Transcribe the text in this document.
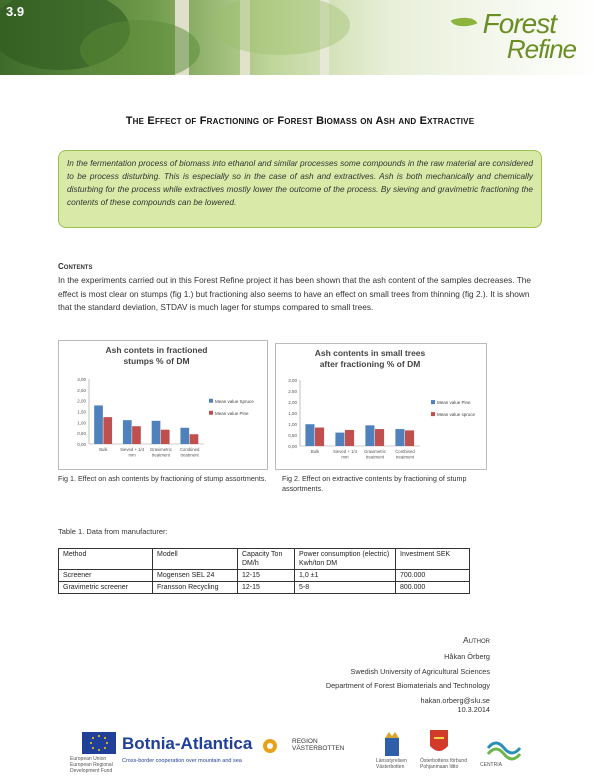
3.9	Forest
Refine
The Effect of Fractioning of Forest Biomass on Ash and Extractive
In the fermentation process of biomass into ethanol and similar processes some compounds in the raw material are considered to be process disturbing. This is especially so in the case of ash and extractives. Ash is both mechanically and chemically disturbing for the process while extractives mostly lower the outcome of the process. By sieving and gravimetric fractioning the contents of these compounds can be lowered.
Contents
In the experiments carried out in this Forest Refine project it has been shown that the ash content of the samples decreases. The effect is most clear on stumps (fig 1.) but fractioning also seems to have an effect on small trees from thinning (fig 2.). It is shown that the standard deviation, STDAV is much lager for stumps compared to small trees.
Ash contets in fractioned
stumps % of DM
3,00
2,50
2,00
1,50
1,00
0,50
0,00
Bulk	Sieved + 1/4
mm
Gravimetric
treatment
Combined
treatment
Mean value Spruce
Mean value Pine
Ash contents in small trees
after fractioning % of DM
3,00
2,50
2,00
1,50
1,00
0,50
0,00
Bulk	Sieved + 1/4
mm
Gravimetric
treatment
Combined
treatment
Mean value Pine
Mean value spruce
Fig 1. Effect on ash contents by fractioning of stump assortments. Fig 2. Effect on extractive contents by fractioning of stump assortments.
Table 1. Data from manufacturer:
Method	Modell	Capacity Ton DM/h	Power consumption (electric) Kwh/ton DM	Investment SEK
Screener	Mogensen SEL 24	12-15	1,0 ±1	700.000
Gravimetric screener	Fransson Recycling	12-15	5-8	800.000
Author
Håkan Örberg
Swedish University of Agricultural Sciences
Department of Forest Biomaterials and Technology
hakan.orberg@slu.se
10.3.2014
European Union
European Regional Development Fund
Botnia-Atlantica
Cross-border cooperation over mountain and sea
REGION
VÄSTERBOTTEN
Länsstyrelsen
Västerbotten
Österbottens förbund
Pohjanmaan liitto	CENTRIA
